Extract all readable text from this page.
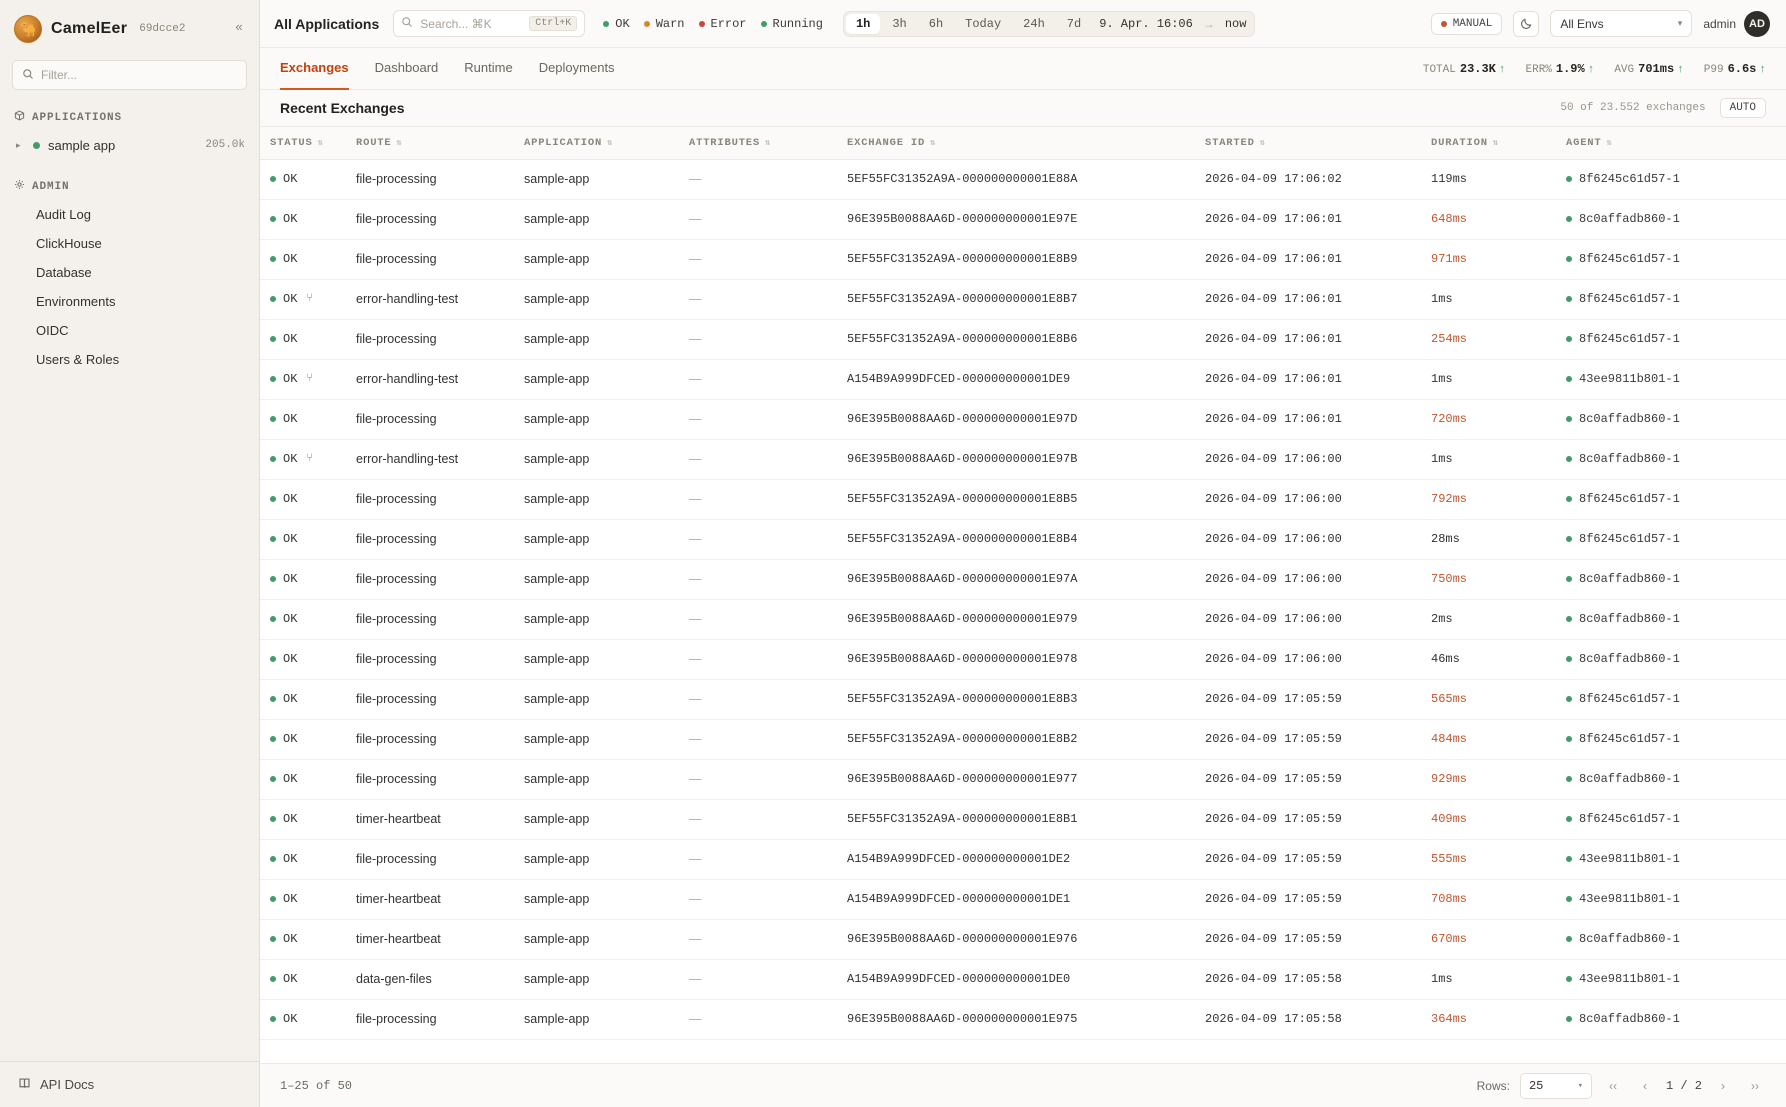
🐪 CamelEer 69dcce2	«
Filter...
APPLICATIONS
▸	sample app	205.0k
ADMIN
Audit Log
ClickHouse
Database
Environments
OIDC
Users & Roles
API Docs
All Applications	Search... ⌘K	Ctrl+K	OK Warn Error Running	1h	3h	6h	Today	24h	7d	9. Apr. 16:06 → now	MANUAL	All Envs	▾ admin	AD
Exchanges Dashboard Runtime Deployments	TOTAL 23.3K ↑ ERR% 1.9% ↑ AVG 701ms ↑ P99 6.6s ↑
Recent Exchanges	50 of 23.552 exchanges	AUTO
STATUS ⇅	ROUTE ⇅	APPLICATION ⇅	ATTRIBUTES ⇅	EXCHANGE ID ⇅	STARTED ⇅	DURATION ⇅	AGENT ⇅

OK	file-processing	sample-app	—	5EF55FC31352A9A-000000000001E88A	2026-04-09 17:06:02	119ms	8f6245c61d57-1

OK	file-processing	sample-app	—	96E395B0088AA6D-000000000001E97E	2026-04-09 17:06:01	648ms	8c0affadb860-1

OK	file-processing	sample-app	—	5EF55FC31352A9A-000000000001E8B9	2026-04-09 17:06:01	971ms	8f6245c61d57-1

OK ⑂	error-handling-test	sample-app	—	5EF55FC31352A9A-000000000001E8B7	2026-04-09 17:06:01	1ms	8f6245c61d57-1

OK	file-processing	sample-app	—	5EF55FC31352A9A-000000000001E8B6	2026-04-09 17:06:01	254ms	8f6245c61d57-1

OK ⑂	error-handling-test	sample-app	—	A154B9A999DFCED-000000000001DE9	2026-04-09 17:06:01	1ms	43ee9811b801-1

OK	file-processing	sample-app	—	96E395B0088AA6D-000000000001E97D	2026-04-09 17:06:01	720ms	8c0affadb860-1

OK ⑂	error-handling-test	sample-app	—	96E395B0088AA6D-000000000001E97B	2026-04-09 17:06:00	1ms	8c0affadb860-1

OK	file-processing	sample-app	—	5EF55FC31352A9A-000000000001E8B5	2026-04-09 17:06:00	792ms	8f6245c61d57-1

OK	file-processing	sample-app	—	5EF55FC31352A9A-000000000001E8B4	2026-04-09 17:06:00	28ms	8f6245c61d57-1

OK	file-processing	sample-app	—	96E395B0088AA6D-000000000001E97A	2026-04-09 17:06:00	750ms	8c0affadb860-1

OK	file-processing	sample-app	—	96E395B0088AA6D-000000000001E979	2026-04-09 17:06:00	2ms	8c0affadb860-1

OK	file-processing	sample-app	—	96E395B0088AA6D-000000000001E978	2026-04-09 17:06:00	46ms	8c0affadb860-1

OK	file-processing	sample-app	—	5EF55FC31352A9A-000000000001E8B3	2026-04-09 17:05:59	565ms	8f6245c61d57-1

OK	file-processing	sample-app	—	5EF55FC31352A9A-000000000001E8B2	2026-04-09 17:05:59	484ms	8f6245c61d57-1

OK	file-processing	sample-app	—	96E395B0088AA6D-000000000001E977	2026-04-09 17:05:59	929ms	8c0affadb860-1

OK	timer-heartbeat	sample-app	—	5EF55FC31352A9A-000000000001E8B1	2026-04-09 17:05:59	409ms	8f6245c61d57-1

OK	file-processing	sample-app	—	A154B9A999DFCED-000000000001DE2	2026-04-09 17:05:59	555ms	43ee9811b801-1

OK	timer-heartbeat	sample-app	—	A154B9A999DFCED-000000000001DE1	2026-04-09 17:05:59	708ms	43ee9811b801-1

OK	timer-heartbeat	sample-app	—	96E395B0088AA6D-000000000001E976	2026-04-09 17:05:59	670ms	8c0affadb860-1

OK	data-gen-files	sample-app	—	A154B9A999DFCED-000000000001DE0	2026-04-09 17:05:58	1ms	43ee9811b801-1

OK	file-processing	sample-app	—	96E395B0088AA6D-000000000001E975	2026-04-09 17:05:58	364ms	8c0affadb860-1
1–25 of 50	Rows: 25	▾	‹‹	‹	1 / 2	›	››
